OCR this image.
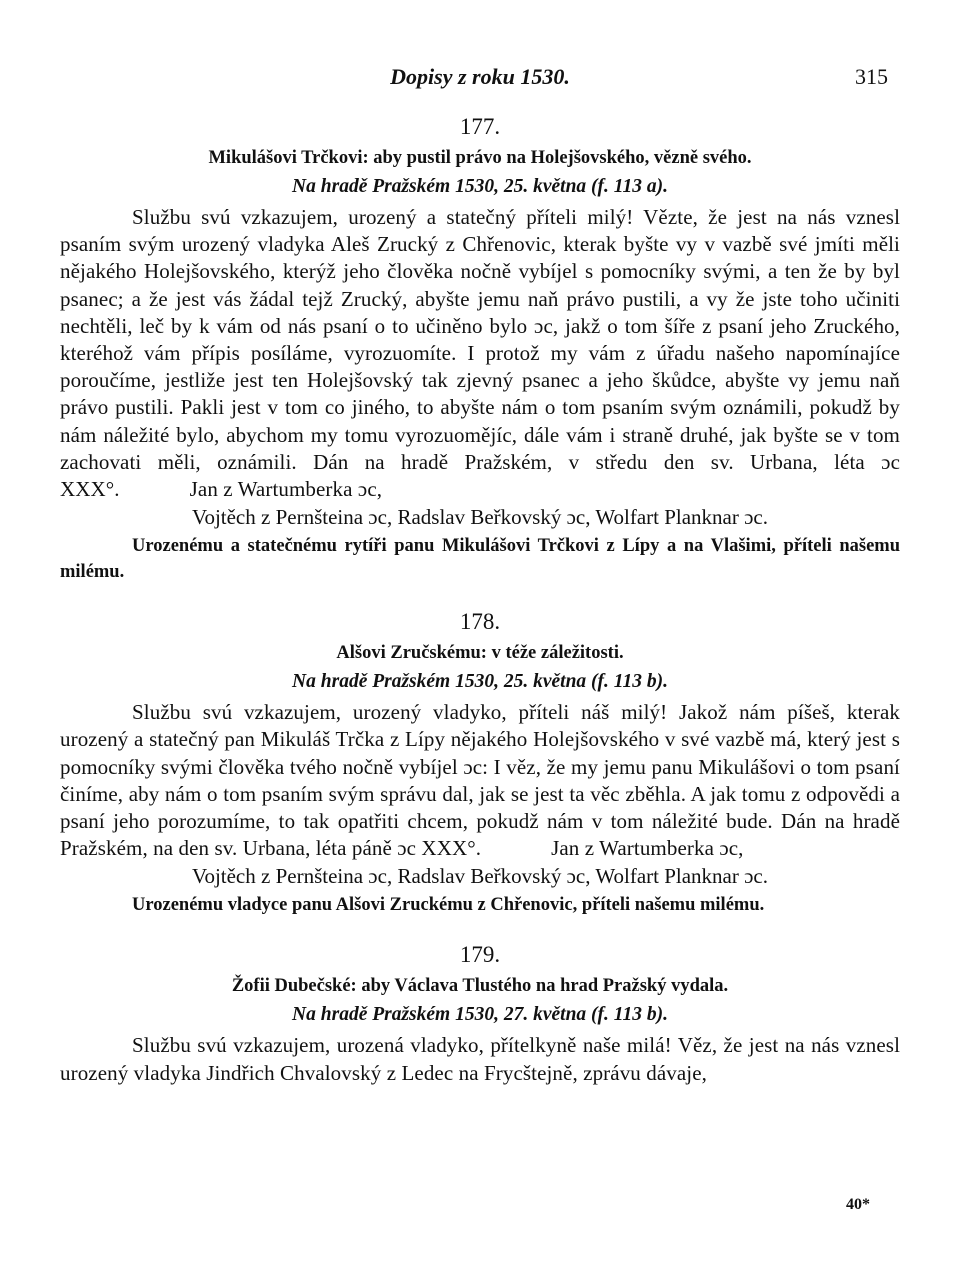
Dopisy z roku 1530.	315
177.
Mikulášovi Trčkovi: aby pustil právo na Holejšovského, vězně svého.
Na hradě Pražském 1530, 25. května (f. 113 a).

Službu svú vzkazujem, urozený a statečný příteli milý! Vězte, že jest na nás vznesl psaním svým urozený vladyka Aleš Zrucký z Chřenovic, kterak byšte vy v vazbě své jmíti měli nějakého Holejšovského, kterýž jeho člověka nočně vybíjel s pomocníky svými, a ten že by byl psanec; a že jest vás žádal tejž Zrucký, abyšte jemu naň právo pustili, a vy že jste toho učiniti nechtěli, leč by k vám od nás psaní o to učiněno bylo ɔc, jakž o tom šíře z psaní jeho Zruckého, kteréhož vám přípis posíláme, vyrozuomíte. I protož my vám z úřadu našeho napomínajíce poroučíme, jestliže jest ten Holejšovský tak zjevný psanec a jeho škůdce, abyšte vy jemu naň právo pustili. Pakli jest v tom co jiného, to abyšte nám o tom psaním svým oznámili, pokudž by nám náležité bylo, abychom my tomu vyrozuomějíc, dále vám i straně druhé, jak byšte se v tom zachovati měli, oznámili. Dán na hradě Pražském, v středu den sv. Urbana, léta ɔc XXX°.	Jan z Wartumberka ɔc,

Vojtěch z Pernšteina ɔc, Radslav Beřkovský ɔc, Wolfart Planknar ɔc.

Urozenému a statečnému rytíři panu Mikulášovi Trčkovi z Lípy a na Vlašimi, příteli našemu milému.

178.
Alšovi Zručskému: v téže záležitosti.
Na hradě Pražském 1530, 25. května (f. 113 b).

Službu svú vzkazujem, urozený vladyko, příteli náš milý! Jakož nám píšeš, kterak urozený a statečný pan Mikuláš Trčka z Lípy nějakého Holejšovského v své vazbě má, který jest s pomocníky svými člověka tvého nočně vybíjel ɔc: I věz, že my jemu panu Mikulášovi o tom psaní činíme, aby nám o tom psaním svým správu dal, jak se jest ta věc zběhla. A jak tomu z odpovědi a psaní jeho porozumíme, to tak opatřiti chcem, pokudž nám v tom náležité bude. Dán na hradě Pražském, na den sv. Urbana, léta páně ɔc XXX°.	Jan z Wartumberka ɔc,

Vojtěch z Pernšteina ɔc, Radslav Beřkovský ɔc, Wolfart Planknar ɔc.

Urozenému vladyce panu Alšovi Zruckému z Chřenovic, příteli našemu milému.

179.
Žofii Dubečské: aby Václava Tlustého na hrad Pražský vydala.
Na hradě Pražském 1530, 27. května (f. 113 b).

Službu svú vzkazujem, urozená vladyko, přítelkyně naše milá! Věz, že jest na nás vznesl urozený vladyka Jindřich Chvalovský z Ledec na Frycštejně, zprávu dávaje,

40*
